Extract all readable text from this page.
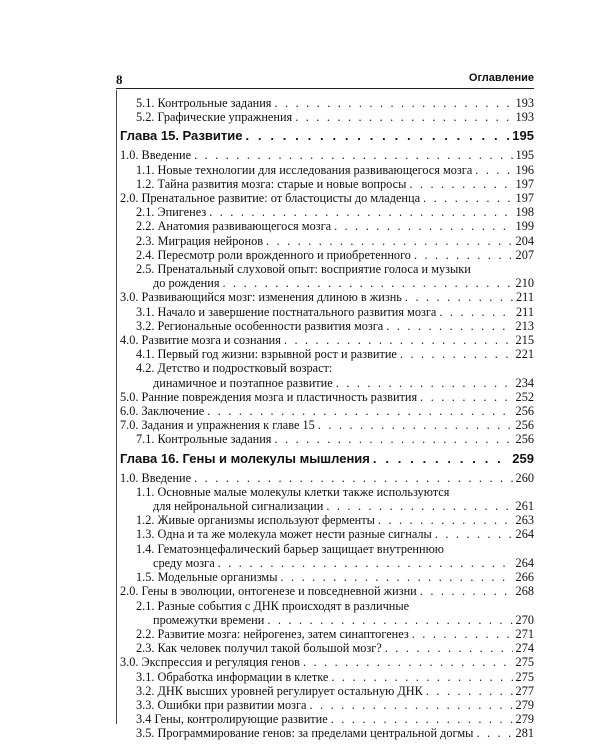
8	Оглавление
5.1. Контрольные задания . . .	193
5.2. Графические упражнения . . .	193
Глава 15. Развитие . . .	195
1.0. Введение . . .	195
1.1. Новые технологии для исследования развивающегося мозга . . .	196
1.2. Тайна развития мозга: старые и новые вопросы . . .	197
2.0. Пренатальное развитие: от бластоцисты до младенца . . .	197
2.1. Эпигенез . . .	198
2.2. Анатомия развивающегося мозга . . .	199
2.3. Миграция нейронов . . .	204
2.4. Пересмотр роли врожденного и приобретенного . . .	207
2.5. Пренатальный слуховой опыт: восприятие голоса и музыки
до рождения . . .	210
3.0. Развивающийся мозг: изменения длиною в жизнь . . .	211
3.1. Начало и завершение постнатального развития мозга . . .	211
3.2. Региональные особенности развития мозга . . .	213
4.0. Развитие мозга и сознания . . .	215
4.1. Первый год жизни: взрывной рост и развитие . . .	221
4.2. Детство и подростковый возраст:
динамичное и поэтапное развитие . . .	234
5.0. Ранние повреждения мозга и пластичность развития . . .	252
6.0. Заключение . . .	256
7.0. Задания и упражнения к главе 15 . . .	256
7.1. Контрольные задания . . .	256
Глава 16. Гены и молекулы мышления . . .	259
1.0. Введение . . .	260
1.1. Основные малые молекулы клетки также используются
для нейрональной сигнализации . . .	261
1.2. Живые организмы используют ферменты . . .	263
1.3. Одна и та же молекула может нести разные сигналы . . .	264
1.4. Гематоэнцефалический барьер защищает внутреннюю
среду мозга . . .	264
1.5. Модельные организмы . . .	266
2.0. Гены в эволюции, онтогенезе и повседневной жизни . . .	268
2.1. Разные события с ДНК происходят в различные
промежутки времени . . .	270
2.2. Развитие мозга: нейрогенез, затем синаптогенез . . .	271
2.3. Как человек получил такой большой мозг? . . .	274
3.0. Экспрессия и регуляция генов . . .	275
3.1. Обработка информации в клетке . . .	275
3.2. ДНК высших уровней регулирует остальную ДНК . . .	277
3.3. Ошибки при развитии мозга . . .	279
3.4 Гены, контролирующие развитие . . .	279
3.5. Программирование генов: за пределами центральной догмы . . .	281
